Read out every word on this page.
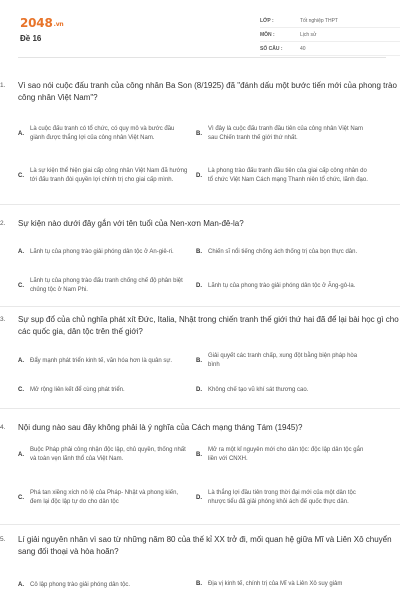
2048.vn
Đề 16
LỚP :	Tốt nghiệp THPT
MÔN :	Lịch sử
SỐ CÂU :	40
1.	Vì sao nói cuộc đấu tranh của công nhân Ba Son (8/1925) đã "đánh dấu một bước tiến mới của phong trào công nhân Việt Nam"?
A.
Là cuộc đấu tranh có tổ chức, có quy mô và bước đầu giành được thắng lợi của công nhân Việt Nam.
B.
Vì đây là cuộc đấu tranh đầu tiên của công nhân Việt Nam sau Chiến tranh thế giới thứ nhất.
C.
Là sự kiện thể hiện giai cấp công nhân Việt Nam đã hướng tới đấu tranh đòi quyền lợi chính trị cho giai cấp mình.
D.
Là phong trào đấu tranh đầu tiên của giai cấp công nhân do tổ chức Việt Nam Cách mạng Thanh niên tổ chức, lãnh đạo.
2.	Sự kiện nào dưới đây gắn với tên tuổi của Nen-xơn Man-đê-la?
A.	Lãnh tụ của phong trào giải phóng dân tộc ở An-giê-ri.	B.	Chiến sĩ nổi tiếng chống ách thống trị của bọn thực dân.
C.
Lãnh tụ của phong trào đấu tranh chống chế độ phân biệt chủng tộc ở Nam Phi.
D.	Lãnh tụ của phong trào giải phóng dân tộc ở Ăng-gô-la.
3.	Sự sụp đổ của chủ nghĩa phát xít Đức, Italia, Nhật trong chiến tranh thế giới thứ hai đã để lại bài học gì cho các quốc gia, dân tộc trên thế giới?
A.	Đẩy mạnh phát triển kinh tế, văn hóa hơn là quân sự.	B.
Giải quyết các tranh chấp, xung đột bằng biện pháp hòa bình
C.	Mở rộng liên kết để cùng phát triển.	D.	Không chế tạo vũ khí sát thương cao.
4.	Nội dung nào sau đây không phải là ý nghĩa của Cách mạng tháng Tám (1945)?
A.
Buộc Pháp phải công nhận độc lập, chủ quyền, thống nhất và toàn vẹn lãnh thổ của Việt Nam.
B.
Mở ra một kỉ nguyên mới cho dân tộc: độc lập dân tộc gắn liền với CNXH.
C.
Phá tan xiềng xích nô lệ của Pháp- Nhật và phong kiến, đem lại độc lập tự do cho dân tộc
D.
Là thắng lợi đầu tiên trong thời đại mới của một dân tộc nhược tiểu đã giải phóng khỏi ách đế quốc thực dân.
5.	Lí giải nguyên nhân vì sao từ những năm 80 của thế kỉ XX trở đi, mối quan hệ giữa Mĩ và Liên Xô chuyển sang đối thoại và hòa hoãn?
A.	Cô lập phong trào giải phóng dân tộc.	B.	Địa vị kinh tế, chính trị của Mĩ và Liên Xô suy giảm
